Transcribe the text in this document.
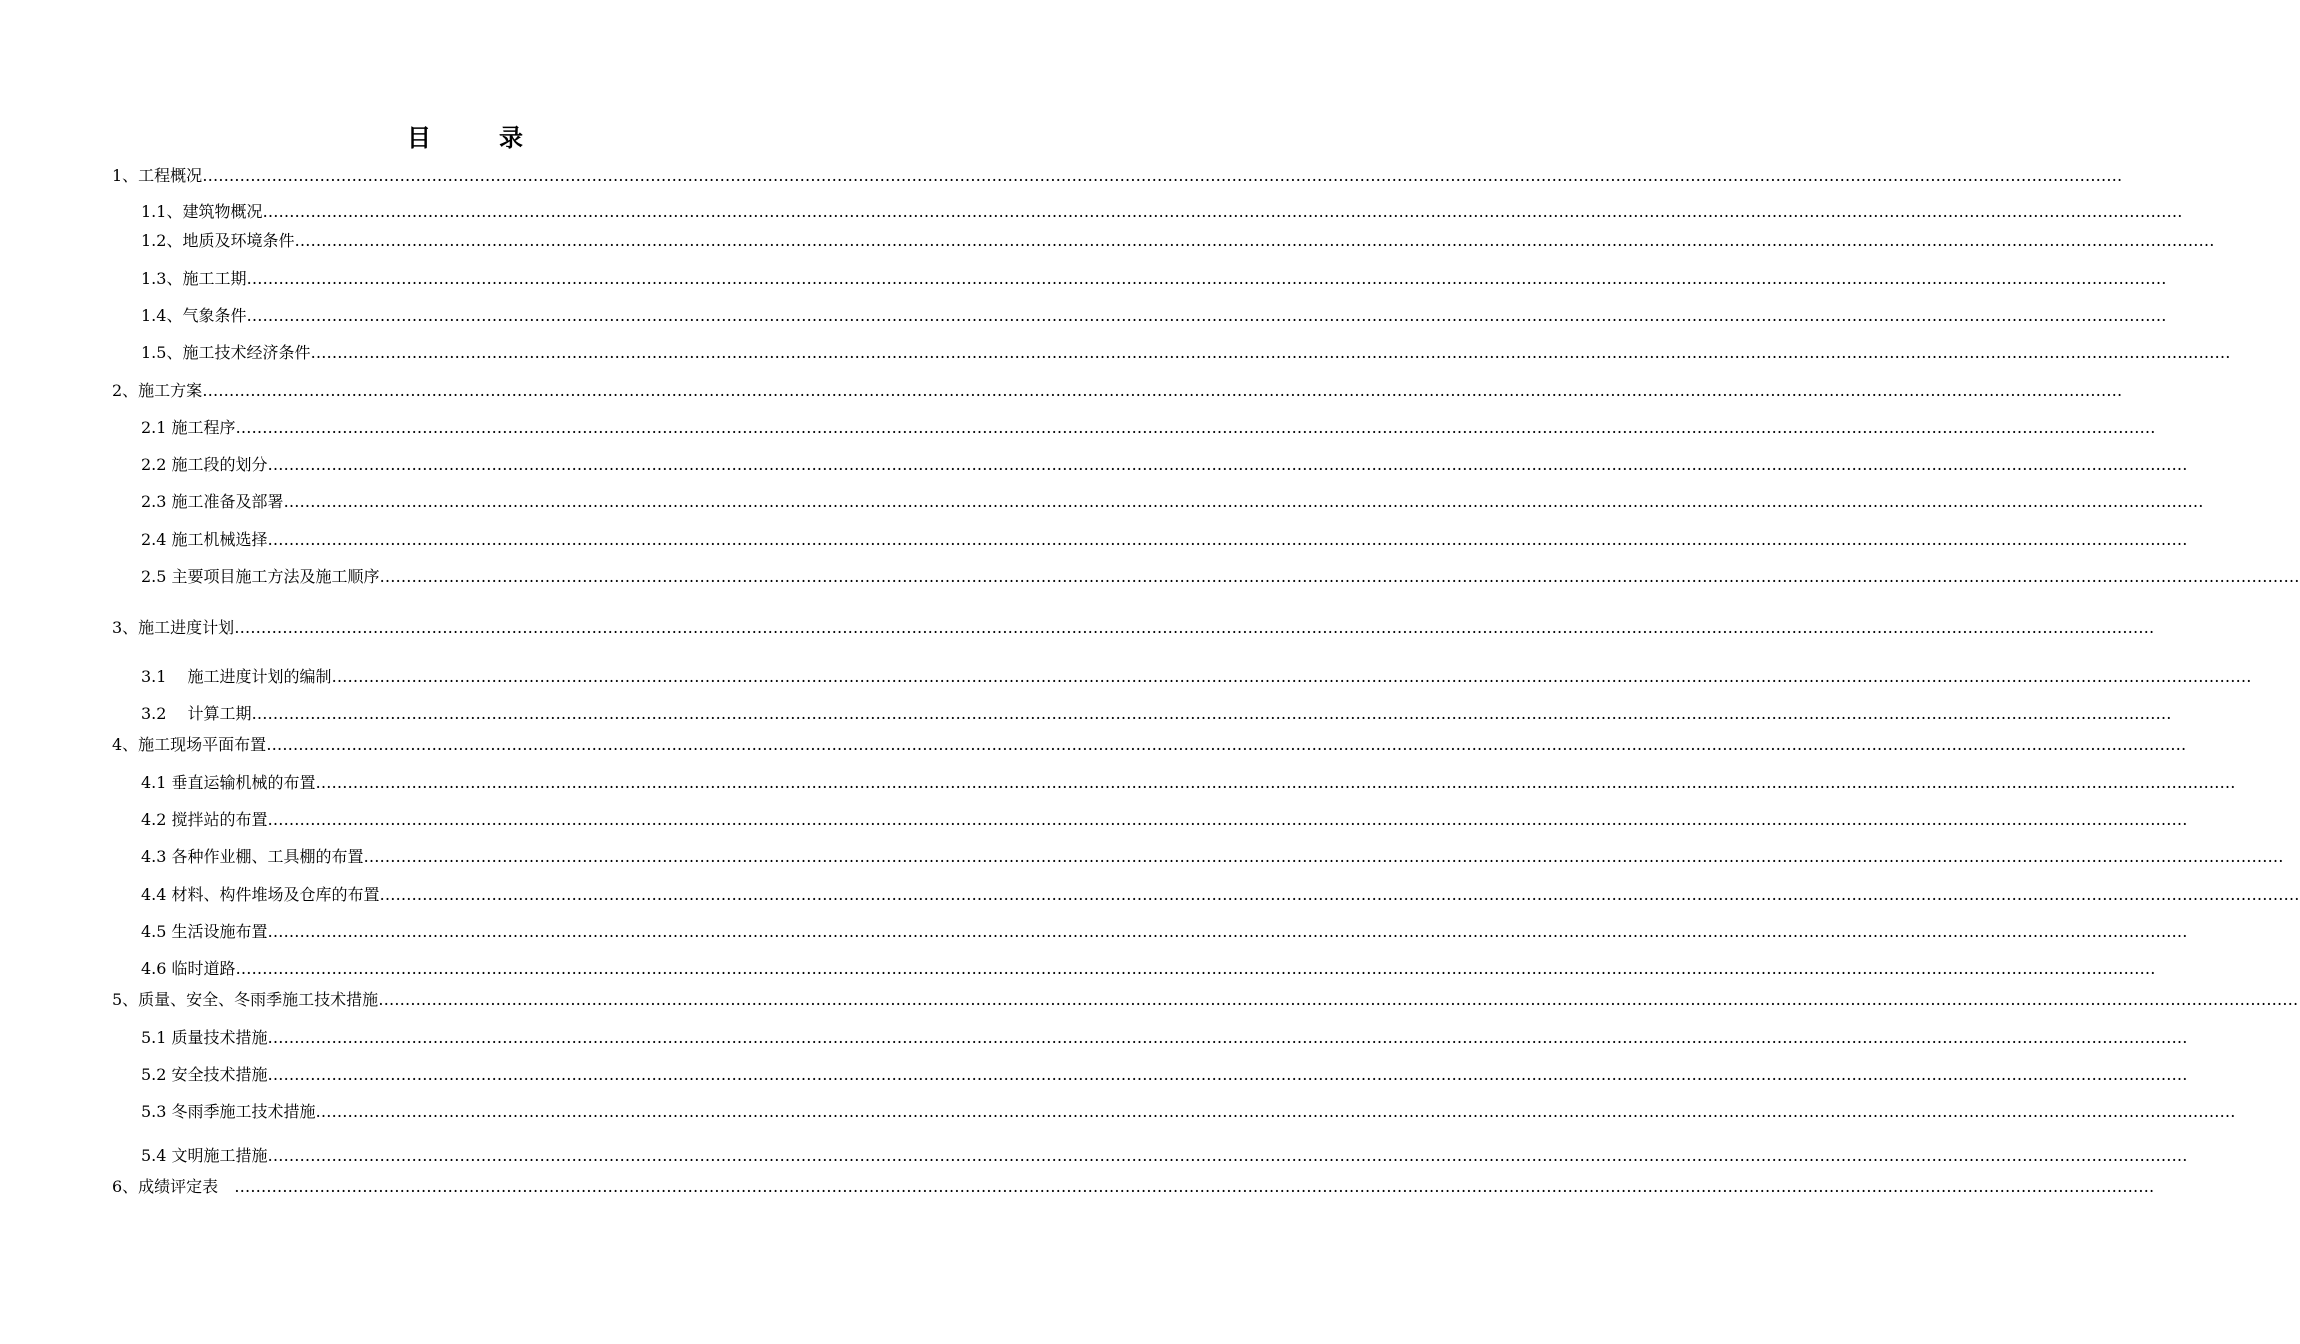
目	录
1、工程概况………………………………………………………………………………………………………………………………………………………………………………………………………………………………………………………………………………………………………………………………
1.1、建筑物概况………………………………………………………………………………………………………………………………………………………………………………………………………………………………………………………………………………………………………………………………
1.2、地质及环境条件………………………………………………………………………………………………………………………………………………………………………………………………………………………………………………………………………………………………………………………………
1.3、施工工期………………………………………………………………………………………………………………………………………………………………………………………………………………………………………………………………………………………………………………………………
1.4、气象条件………………………………………………………………………………………………………………………………………………………………………………………………………………………………………………………………………………………………………………………………
1.5、施工技术经济条件………………………………………………………………………………………………………………………………………………………………………………………………………………………………………………………………………………………………………………………………
2、施工方案………………………………………………………………………………………………………………………………………………………………………………………………………………………………………………………………………………………………………………………………
2.1 施工程序………………………………………………………………………………………………………………………………………………………………………………………………………………………………………………………………………………………………………………………………
2.2 施工段的划分………………………………………………………………………………………………………………………………………………………………………………………………………………………………………………………………………………………………………………………………
2.3 施工准备及部署………………………………………………………………………………………………………………………………………………………………………………………………………………………………………………………………………………………………………………………………
2.4 施工机械选择………………………………………………………………………………………………………………………………………………………………………………………………………………………………………………………………………………………………………………………………
2.5 主要项目施工方法及施工顺序………………………………………………………………………………………………………………………………………………………………………………………………………………………………………………………………………………………………………………………………
3、施工进度计划………………………………………………………………………………………………………………………………………………………………………………………………………………………………………………………………………………………………………………………………
3.1　 施工进度计划的编制………………………………………………………………………………………………………………………………………………………………………………………………………………………………………………………………………………………………………………………………
3.2　 计算工期………………………………………………………………………………………………………………………………………………………………………………………………………………………………………………………………………………………………………………………………
4、施工现场平面布置………………………………………………………………………………………………………………………………………………………………………………………………………………………………………………………………………………………………………………………………
4.1 垂直运输机械的布置………………………………………………………………………………………………………………………………………………………………………………………………………………………………………………………………………………………………………………………………
4.2 搅拌站的布置………………………………………………………………………………………………………………………………………………………………………………………………………………………………………………………………………………………………………………………………
4.3 各种作业棚、工具棚的布置………………………………………………………………………………………………………………………………………………………………………………………………………………………………………………………………………………………………………………………………
4.4 材料、构件堆场及仓库的布置………………………………………………………………………………………………………………………………………………………………………………………………………………………………………………………………………………………………………………………………
4.5 生活设施布置………………………………………………………………………………………………………………………………………………………………………………………………………………………………………………………………………………………………………………………………
4.6 临时道路………………………………………………………………………………………………………………………………………………………………………………………………………………………………………………………………………………………………………………………………
5、质量、安全、冬雨季施工技术措施………………………………………………………………………………………………………………………………………………………………………………………………………………………………………………………………………………………………………………………………
5.1 质量技术措施………………………………………………………………………………………………………………………………………………………………………………………………………………………………………………………………………………………………………………………………
5.2 安全技术措施………………………………………………………………………………………………………………………………………………………………………………………………………………………………………………………………………………………………………………………………
5.3 冬雨季施工技术措施………………………………………………………………………………………………………………………………………………………………………………………………………………………………………………………………………………………………………………………………
5.4 文明施工措施………………………………………………………………………………………………………………………………………………………………………………………………………………………………………………………………………………………………………………………………
6、成绩评定表　………………………………………………………………………………………………………………………………………………………………………………………………………………………………………………………………………………………………………………………………
